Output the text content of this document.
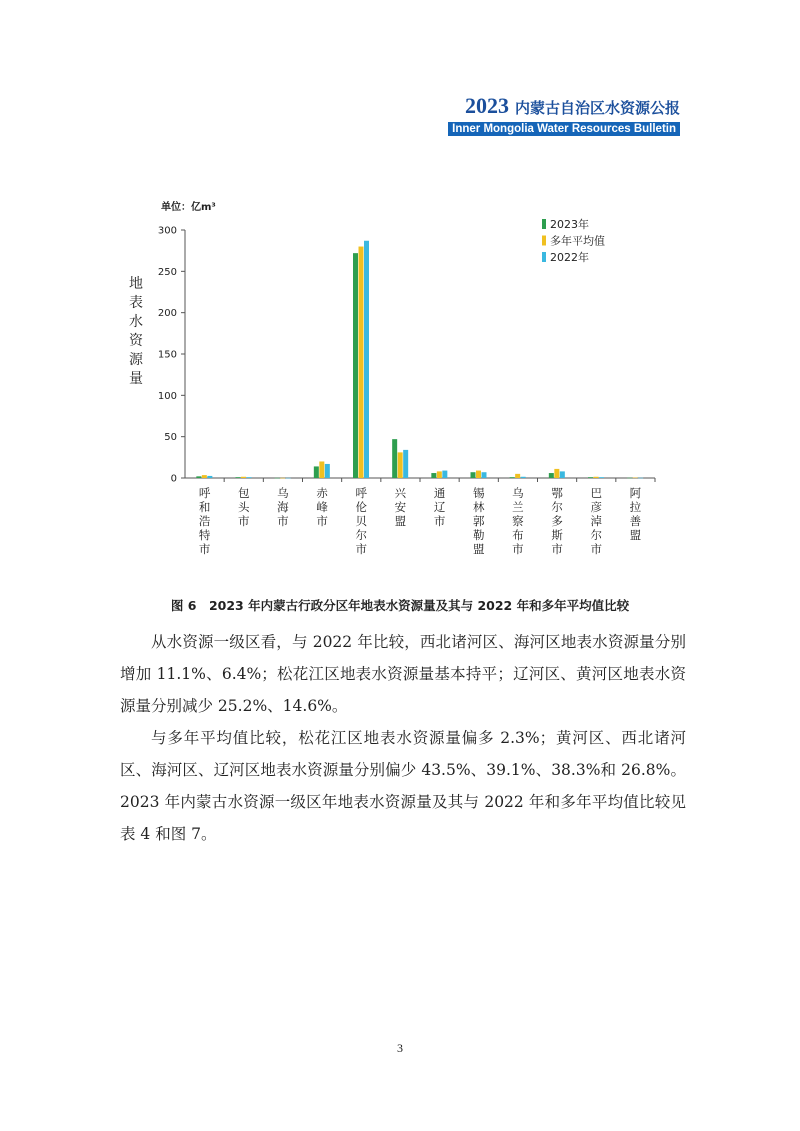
2023 内蒙古自治区水资源公报
Inner Mongolia Water Resources Bulletin
单位：亿m³
地表水资源量
0
50
100
150
200
250
300
呼和浩特市
包头市
乌海市
赤峰市
呼伦贝尔市
兴安盟
通辽市
锡林郭勒盟
乌兰察布市
鄂尔多斯市
巴彦淖尔市
阿拉善盟
2023年
多年平均值
2022年
图 6　2023 年内蒙古行政分区年地表水资源量及其与 2022 年和多年平均值比较

从水资源一级区看，与 2022 年比较，西北诸河区、海河区地表水资源量分别增加 11.1%、6.4%；松花江区地表水资源量基本持平；辽河区、黄河区地表水资源量分别减少 25.2%、14.6%。

与多年平均值比较，松花江区地表水资源量偏多 2.3%；黄河区、西北诸河区、海河区、辽河区地表水资源量分别偏少 43.5%、39.1%、38.3%和 26.8%。2023 年内蒙古水资源一级区年地表水资源量及其与 2022 年和多年平均值比较见表 4 和图 7。

3
